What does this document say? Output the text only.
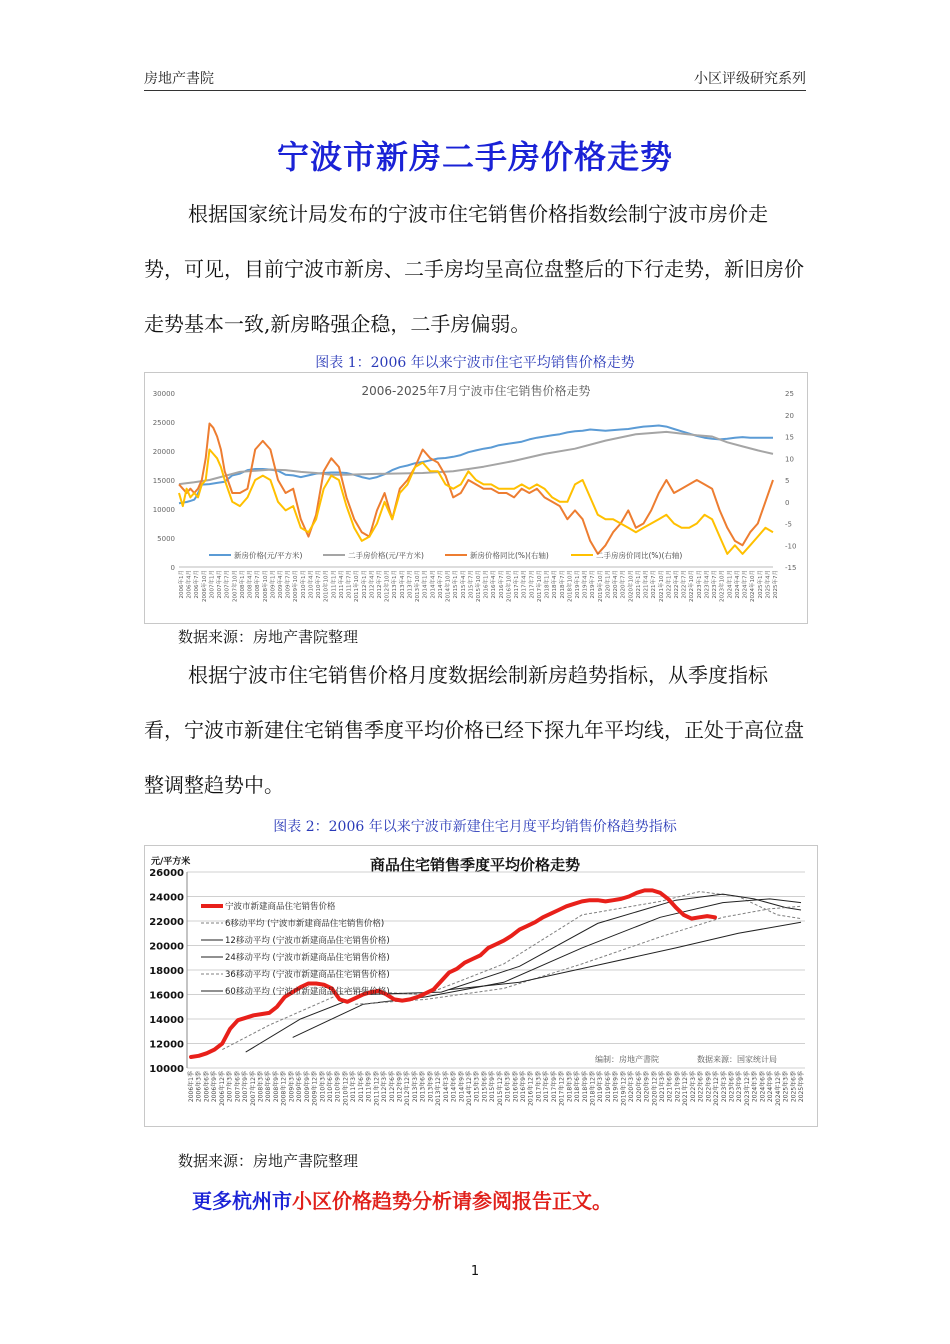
房地产書院	小区评级研究系列
宁波市新房二手房价格走势

根据国家统计局发布的宁波市住宅销售价格指数绘制宁波市房价走势，可见，目前宁波市新房、二手房均呈高位盘整后的下行走势，新旧房价走势基本一致,新房略强企稳，二手房偏弱。

图表 1：2006 年以来宁波市住宅平均销售价格走势
2006-2025年7月宁波市住宅销售价格走势
0
5000
10000
15000
20000
25000
30000
-15
-10
-5
0
5
10
15
20
25
2006年1月 2006年4月 2006年7月 2006年10月 2007年1月 2007年4月 2007年7月 2007年10月 2008年1月 2008年4月 2008年7月 2008年10月 2009年1月 2009年4月 2009年7月 2009年10月 2010年1月 2010年4月 2010年7月 2010年10月 2011年1月 2011年4月 2011年7月 2011年10月 2012年1月 2012年4月 2012年7月 2012年10月 2013年1月 2013年4月 2013年7月 2013年10月 2014年1月 2014年4月 2014年7月 2014年10月 2015年1月 2015年4月 2015年7月 2015年10月 2016年1月 2016年4月 2016年7月 2016年10月 2017年1月 2017年4月 2017年7月 2017年10月 2018年1月 2018年4月 2018年7月 2018年10月 2019年1月 2019年4月 2019年7月 2019年10月 2020年1月 2020年4月 2020年7月 2020年10月 2021年1月 2021年4月 2021年7月 2021年10月 2022年1月 2022年4月 2022年7月 2022年10月 2023年1月 2023年4月 2023年7月 2023年10月 2024年1月 2024年4月 2024年7月 2024年10月 2025年1月 2025年4月 2025年7月
新房价格(元/平方米)	二手房价格(元/平方米)	新房价格同比(%)(右轴)	二手房房价同比(%)(右轴)
数据来源：房地产書院整理

根据宁波市住宅销售价格月度数据绘制新房趋势指标，从季度指标看，宁波市新建住宅销售季度平均价格已经下探九年平均线，正处于高位盘整调整趋势中。

图表 2：2006 年以来宁波市新建住宅月度平均销售价格趋势指标
商品住宅销售季度平均价格走势
元/平方米
10000
12000
14000
16000
18000
20000
22000
24000
26000
2006年1季 2006年3季 2006年6季 2006年9季 2006年12季 2007年3季 2007年6季 2007年9季 2007年12季 2008年3季 2008年6季 2008年9季 2008年12季 2009年3季 2009年6季 2009年9季 2009年12季 2010年3季 2010年6季 2010年9季 2010年12季 2011年3季 2011年6季 2011年9季 2011年12季 2012年3季 2012年6季 2012年9季 2012年12季 2013年3季 2013年6季 2013年9季 2013年12季 2014年3季 2014年6季 2014年9季 2014年12季 2015年3季 2015年6季 2015年9季 2015年12季 2016年3季 2016年6季 2016年9季 2016年12季 2017年3季 2017年6季 2017年9季 2017年12季 2018年3季 2018年6季 2018年9季 2018年12季 2019年3季 2019年6季 2019年9季 2019年12季 2020年3季 2020年6季 2020年9季 2020年12季 2021年3季 2021年6季 2021年9季 2021年12季 2022年3季 2022年6季 2022年9季 2022年12季 2023年3季 2023年6季 2023年9季 2023年12季 2024年3季 2024年6季 2024年9季 2024年12季 2025年3季 2025年6季 2025年9季
宁波市新建商品住宅销售价格
6移动平均 (宁波市新建商品住宅销售价格)
12移动平均 (宁波市新建商品住宅销售价格)
24移动平均 (宁波市新建商品住宅销售价格)
36移动平均 (宁波市新建商品住宅销售价格)
60移动平均 (宁波市新建商品住宅销售价格)
编制：房地产書院	数据来源：国家统计局
数据来源：房地产書院整理
更多杭州市小区价格趋势分析请参阅报告正文。
1
